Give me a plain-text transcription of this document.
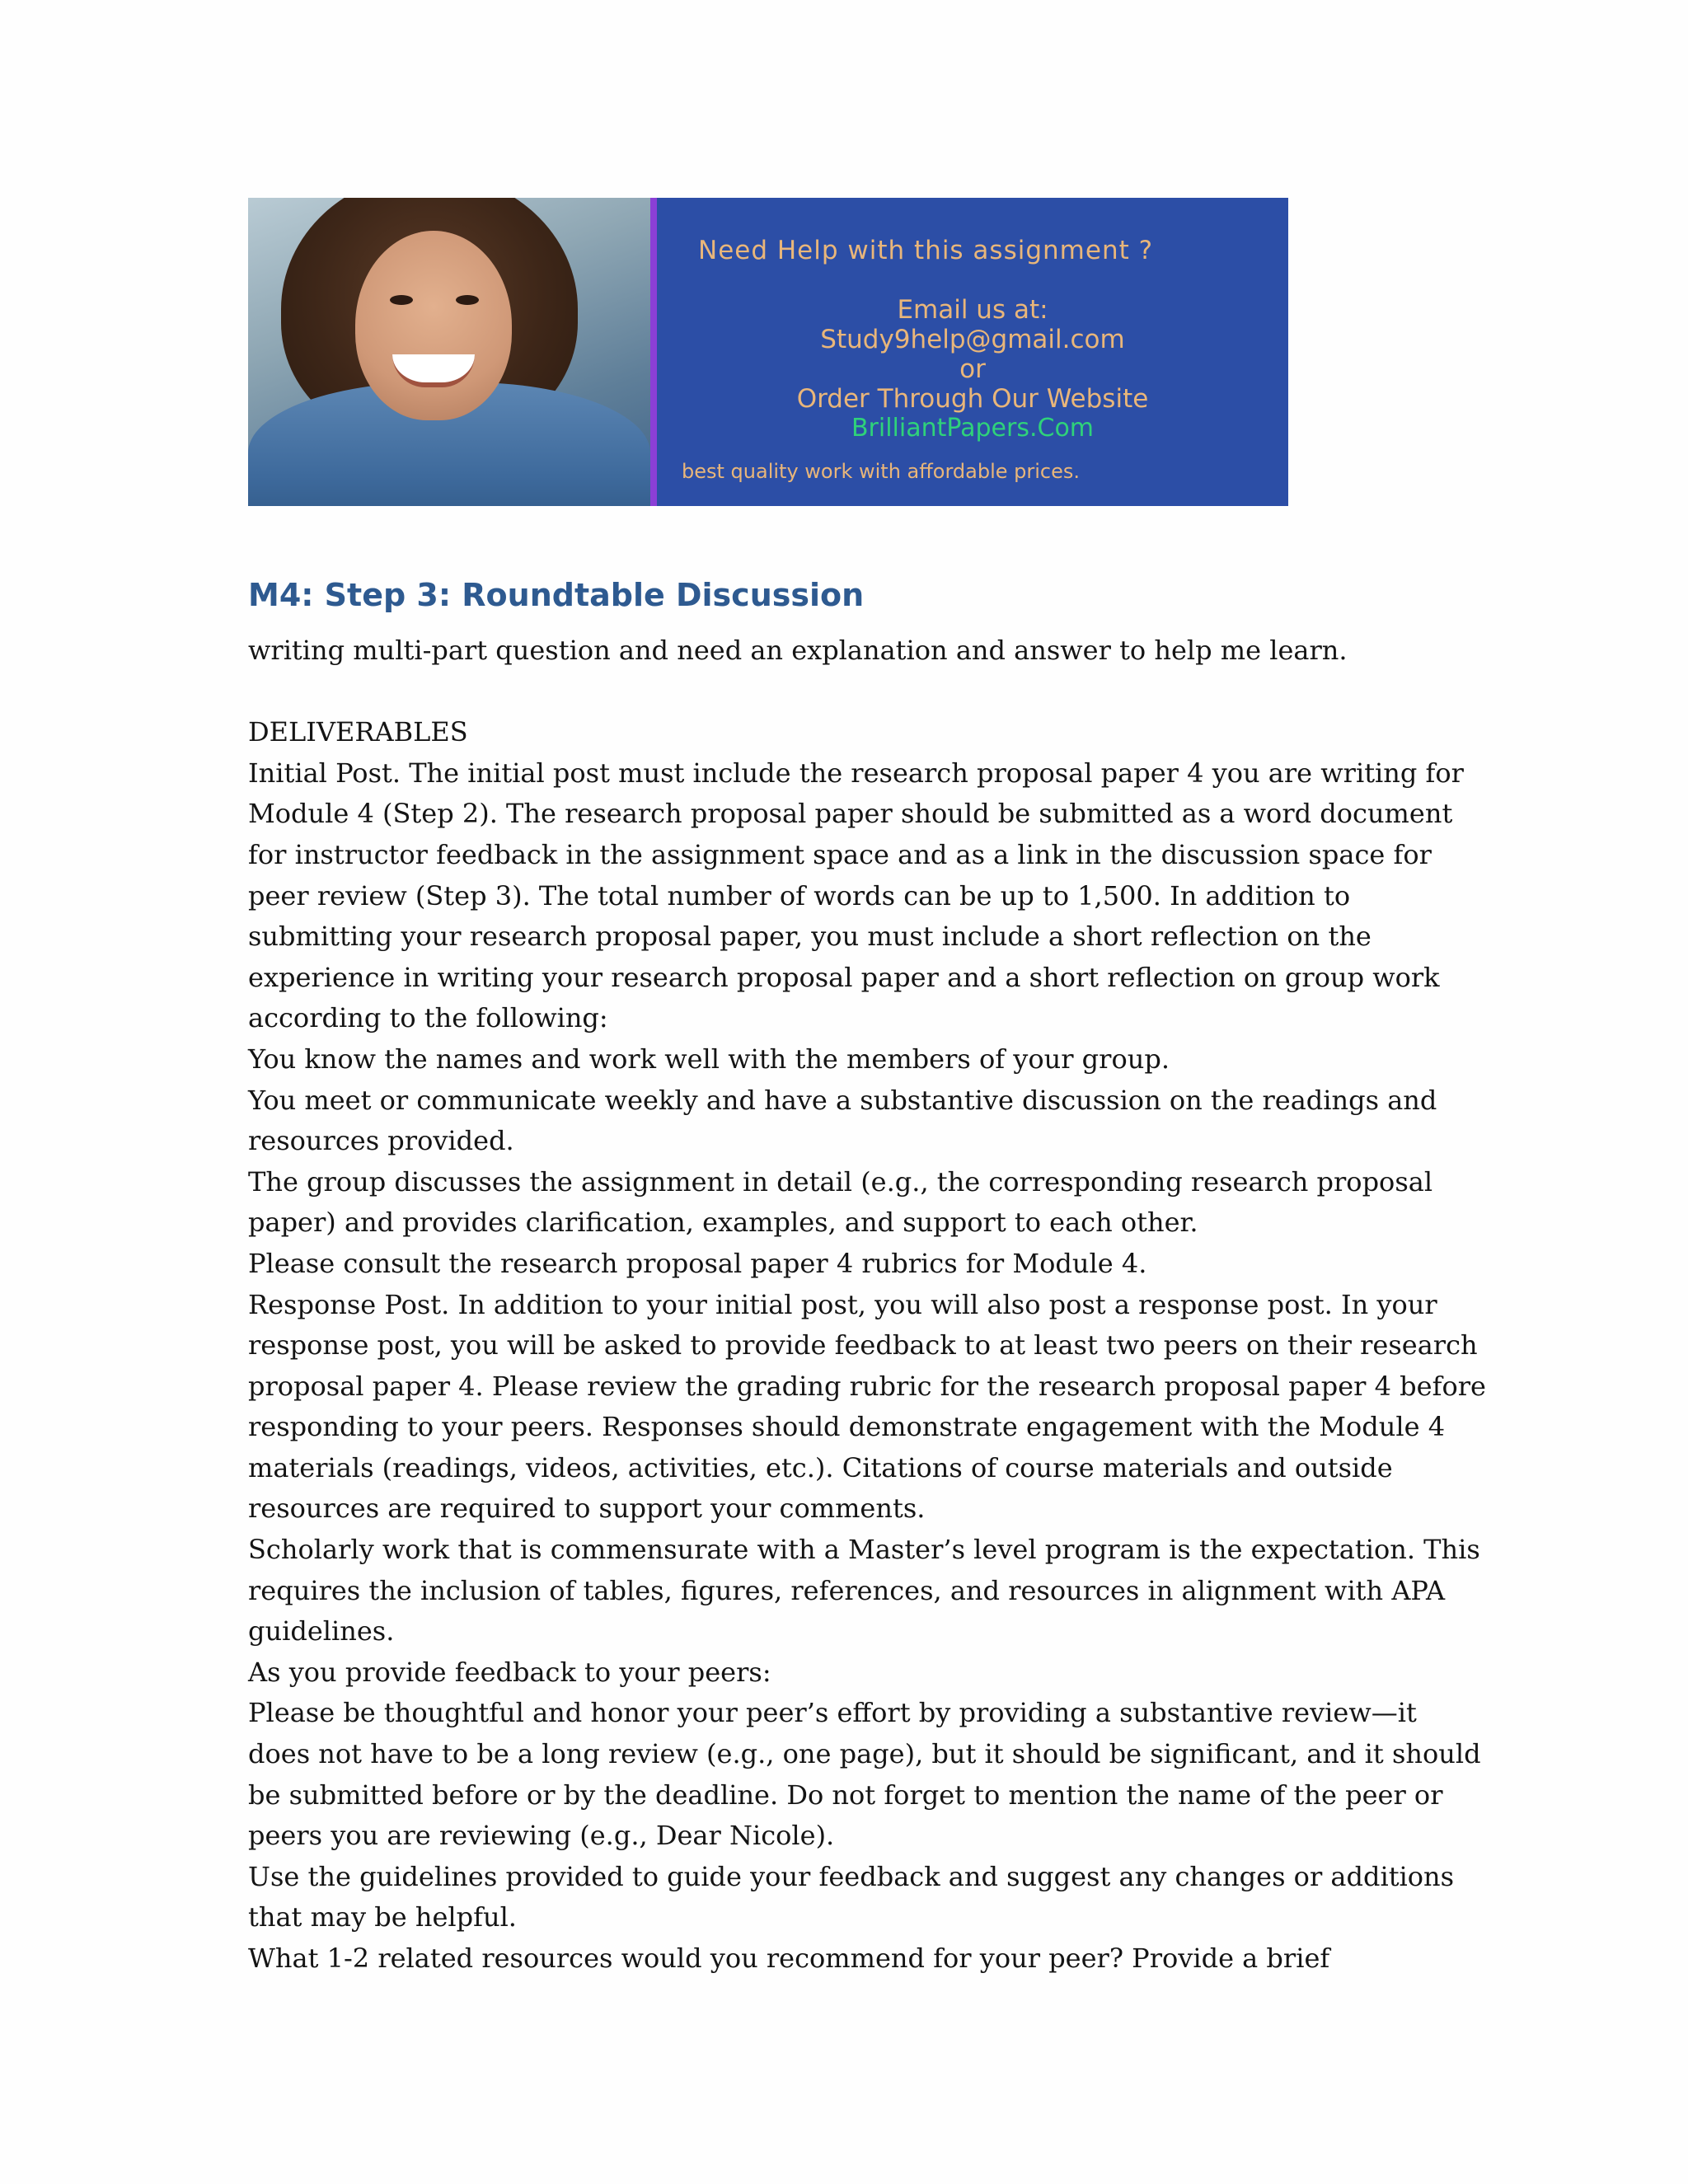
Need Help with this assignment ?
Email us at:
Study9help@gmail.com
or
Order Through Our Website
BrilliantPapers.Com
best quality work with affordable prices.
M4: Step 3: Roundtable Discussion

writing multi-part question and need an explanation and answer to help me learn.

DELIVERABLES

Initial Post. The initial post must include the research proposal paper 4 you are writing for

Module 4 (Step 2). The research proposal paper should be submitted as a word document

for instructor feedback in the assignment space and as a link in the discussion space for

peer review (Step 3). The total number of words can be up to 1,500. In addition to

submitting your research proposal paper, you must include a short reflection on the

experience in writing your research proposal paper and a short reflection on group work

according to the following:

You know the names and work well with the members of your group.

You meet or communicate weekly and have a substantive discussion on the readings and

resources provided.

The group discusses the assignment in detail (e.g., the corresponding research proposal

paper) and provides clarification, examples, and support to each other.

Please consult the research proposal paper 4 rubrics for Module 4.

Response Post. In addition to your initial post, you will also post a response post. In your

response post, you will be asked to provide feedback to at least two peers on their research

proposal paper 4. Please review the grading rubric for the research proposal paper 4 before

responding to your peers. Responses should demonstrate engagement with the Module 4

materials (readings, videos, activities, etc.). Citations of course materials and outside

resources are required to support your comments.

Scholarly work that is commensurate with a Master’s level program is the expectation. This

requires the inclusion of tables, figures, references, and resources in alignment with APA

guidelines.

As you provide feedback to your peers:

Please be thoughtful and honor your peer’s effort by providing a substantive review—it

does not have to be a long review (e.g., one page), but it should be significant, and it should

be submitted before or by the deadline. Do not forget to mention the name of the peer or

peers you are reviewing (e.g., Dear Nicole).

Use the guidelines provided to guide your feedback and suggest any changes or additions

that may be helpful.

What 1-2 related resources would you recommend for your peer? Provide a brief
